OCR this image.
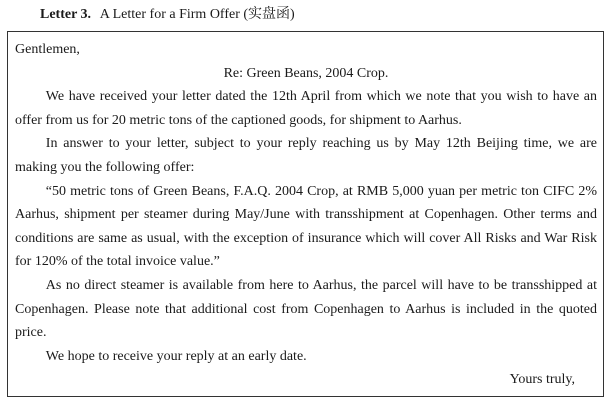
Letter 3. A Letter for a Firm Offer (实盘函)

Gentlemen,

Re: Green Beans, 2004 Crop.

We have received your letter dated the 12th April from which we note that you wish to have an offer from us for 20 metric tons of the captioned goods, for shipment to Aarhus.

In answer to your letter, subject to your reply reaching us by May 12th Beijing time, we are making you the following offer:

“50 metric tons of Green Beans, F.A.Q. 2004 Crop, at RMB 5,000 yuan per metric ton CIFC 2% Aarhus, shipment per steamer during May/June with transshipment at Copenhagen. Other terms and conditions are same as usual, with the exception of insurance which will cover All Risks and War Risk for 120% of the total invoice value.”

As no direct steamer is available from here to Aarhus, the parcel will have to be transshipped at Copenhagen. Please note that additional cost from Copenhagen to Aarhus is included in the quoted price.

We hope to receive your reply at an early date.

Yours truly,
